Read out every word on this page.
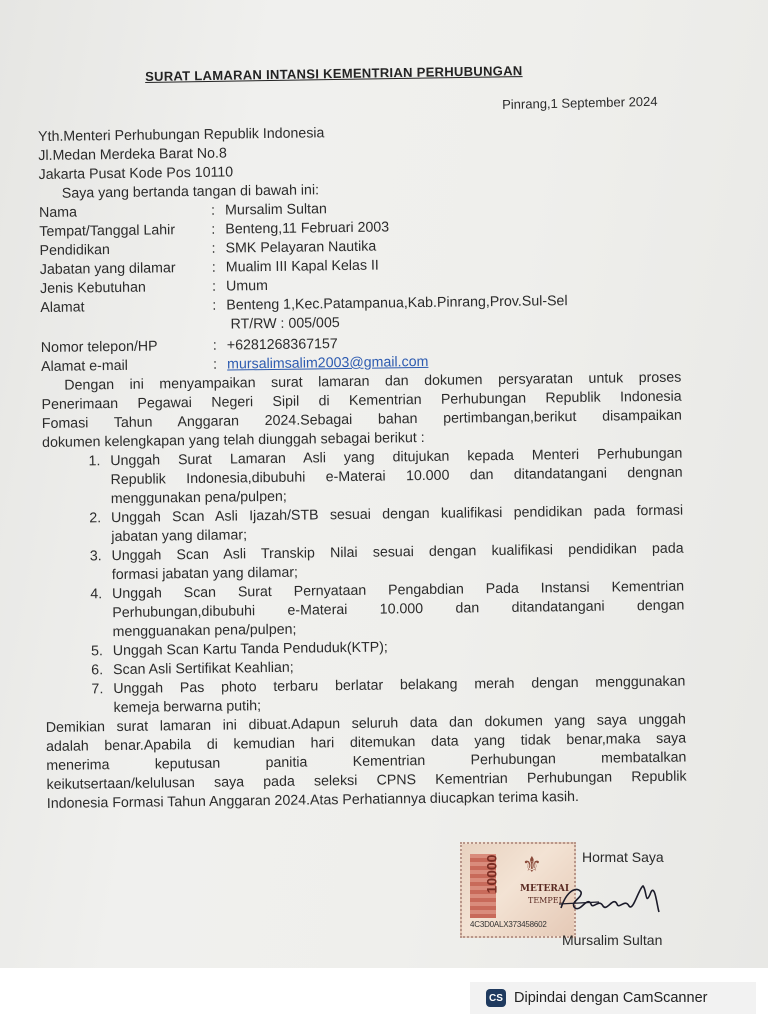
SURAT LAMARAN INTANSI KEMENTRIAN PERHUBUNGAN
Pinrang,1 September 2024
Yth.Menteri Perhubungan Republik Indonesia
Jl.Medan Merdeka Barat No.8
Jakarta Pusat Kode Pos 10110
Saya yang bertanda tangan di bawah ini:
Nama	: Mursalim Sultan
Tempat/Tanggal Lahir	: Benteng,11 Februari 2003
Pendidikan	: SMK Pelayaran Nautika
Jabatan yang dilamar	: Mualim III Kapal Kelas II
Jenis Kebutuhan	: Umum
Alamat	: Benteng 1,Kec.Patampanua,Kab.Pinrang,Prov.Sul-Sel
RT/RW : 005/005
Nomor telepon/HP	: +6281268367157
Alamat e-mail	: mursalimsalim2003@gmail.com
Dengan ini menyampaikan surat lamaran dan dokumen persyaratan untuk proses
Penerimaan Pegawai Negeri Sipil di Kementrian Perhubungan Republik Indonesia
Fomasi Tahun Anggaran 2024.Sebagai bahan pertimbangan,berikut disampaikan
dokumen kelengkapan yang telah diunggah sebagai berikut :
1. Unggah Surat Lamaran Asli yang ditujukan kepada Menteri Perhubungan
Republik Indonesia,dibubuhi e-Materai 10.000 dan ditandatangani dengnan
menggunakan pena/pulpen;
2. Unggah Scan Asli Ijazah/STB sesuai dengan kualifikasi pendidikan pada formasi
jabatan yang dilamar;
3. Unggah Scan Asli Transkip Nilai sesuai dengan kualifikasi pendidikan pada
formasi jabatan yang dilamar;
4. Unggah Scan Surat Pernyataan Pengabdian Pada Instansi Kementrian
Perhubungan,dibubuhi e-Materai 10.000 dan ditandatangani dengan
mengguanakan pena/pulpen;
5. Unggah Scan Kartu Tanda Penduduk(KTP);
6. Scan Asli Sertifikat Keahlian;
7. Unggah Pas photo terbaru berlatar belakang merah dengan menggunakan
kemeja berwarna putih;
Demikian surat lamaran ini dibuat.Adapun seluruh data dan dokumen yang saya unggah
adalah benar.Apabila di kemudian hari ditemukan data yang tidak benar,maka saya
menerima keputusan panitia Kementrian Perhubungan membatalkan
keikutsertaan/kelulusan saya pada seleksi CPNS Kementrian Perhubungan Republik
Indonesia Formasi Tahun Anggaran 2024.Atas Perhatiannya diucapkan terima kasih.
10000 ⚜
METERAI
TEMPEL
4C3D0ALX373458602
Hormat Saya
Mursalim Sultan
CS Dipindai dengan CamScanner
